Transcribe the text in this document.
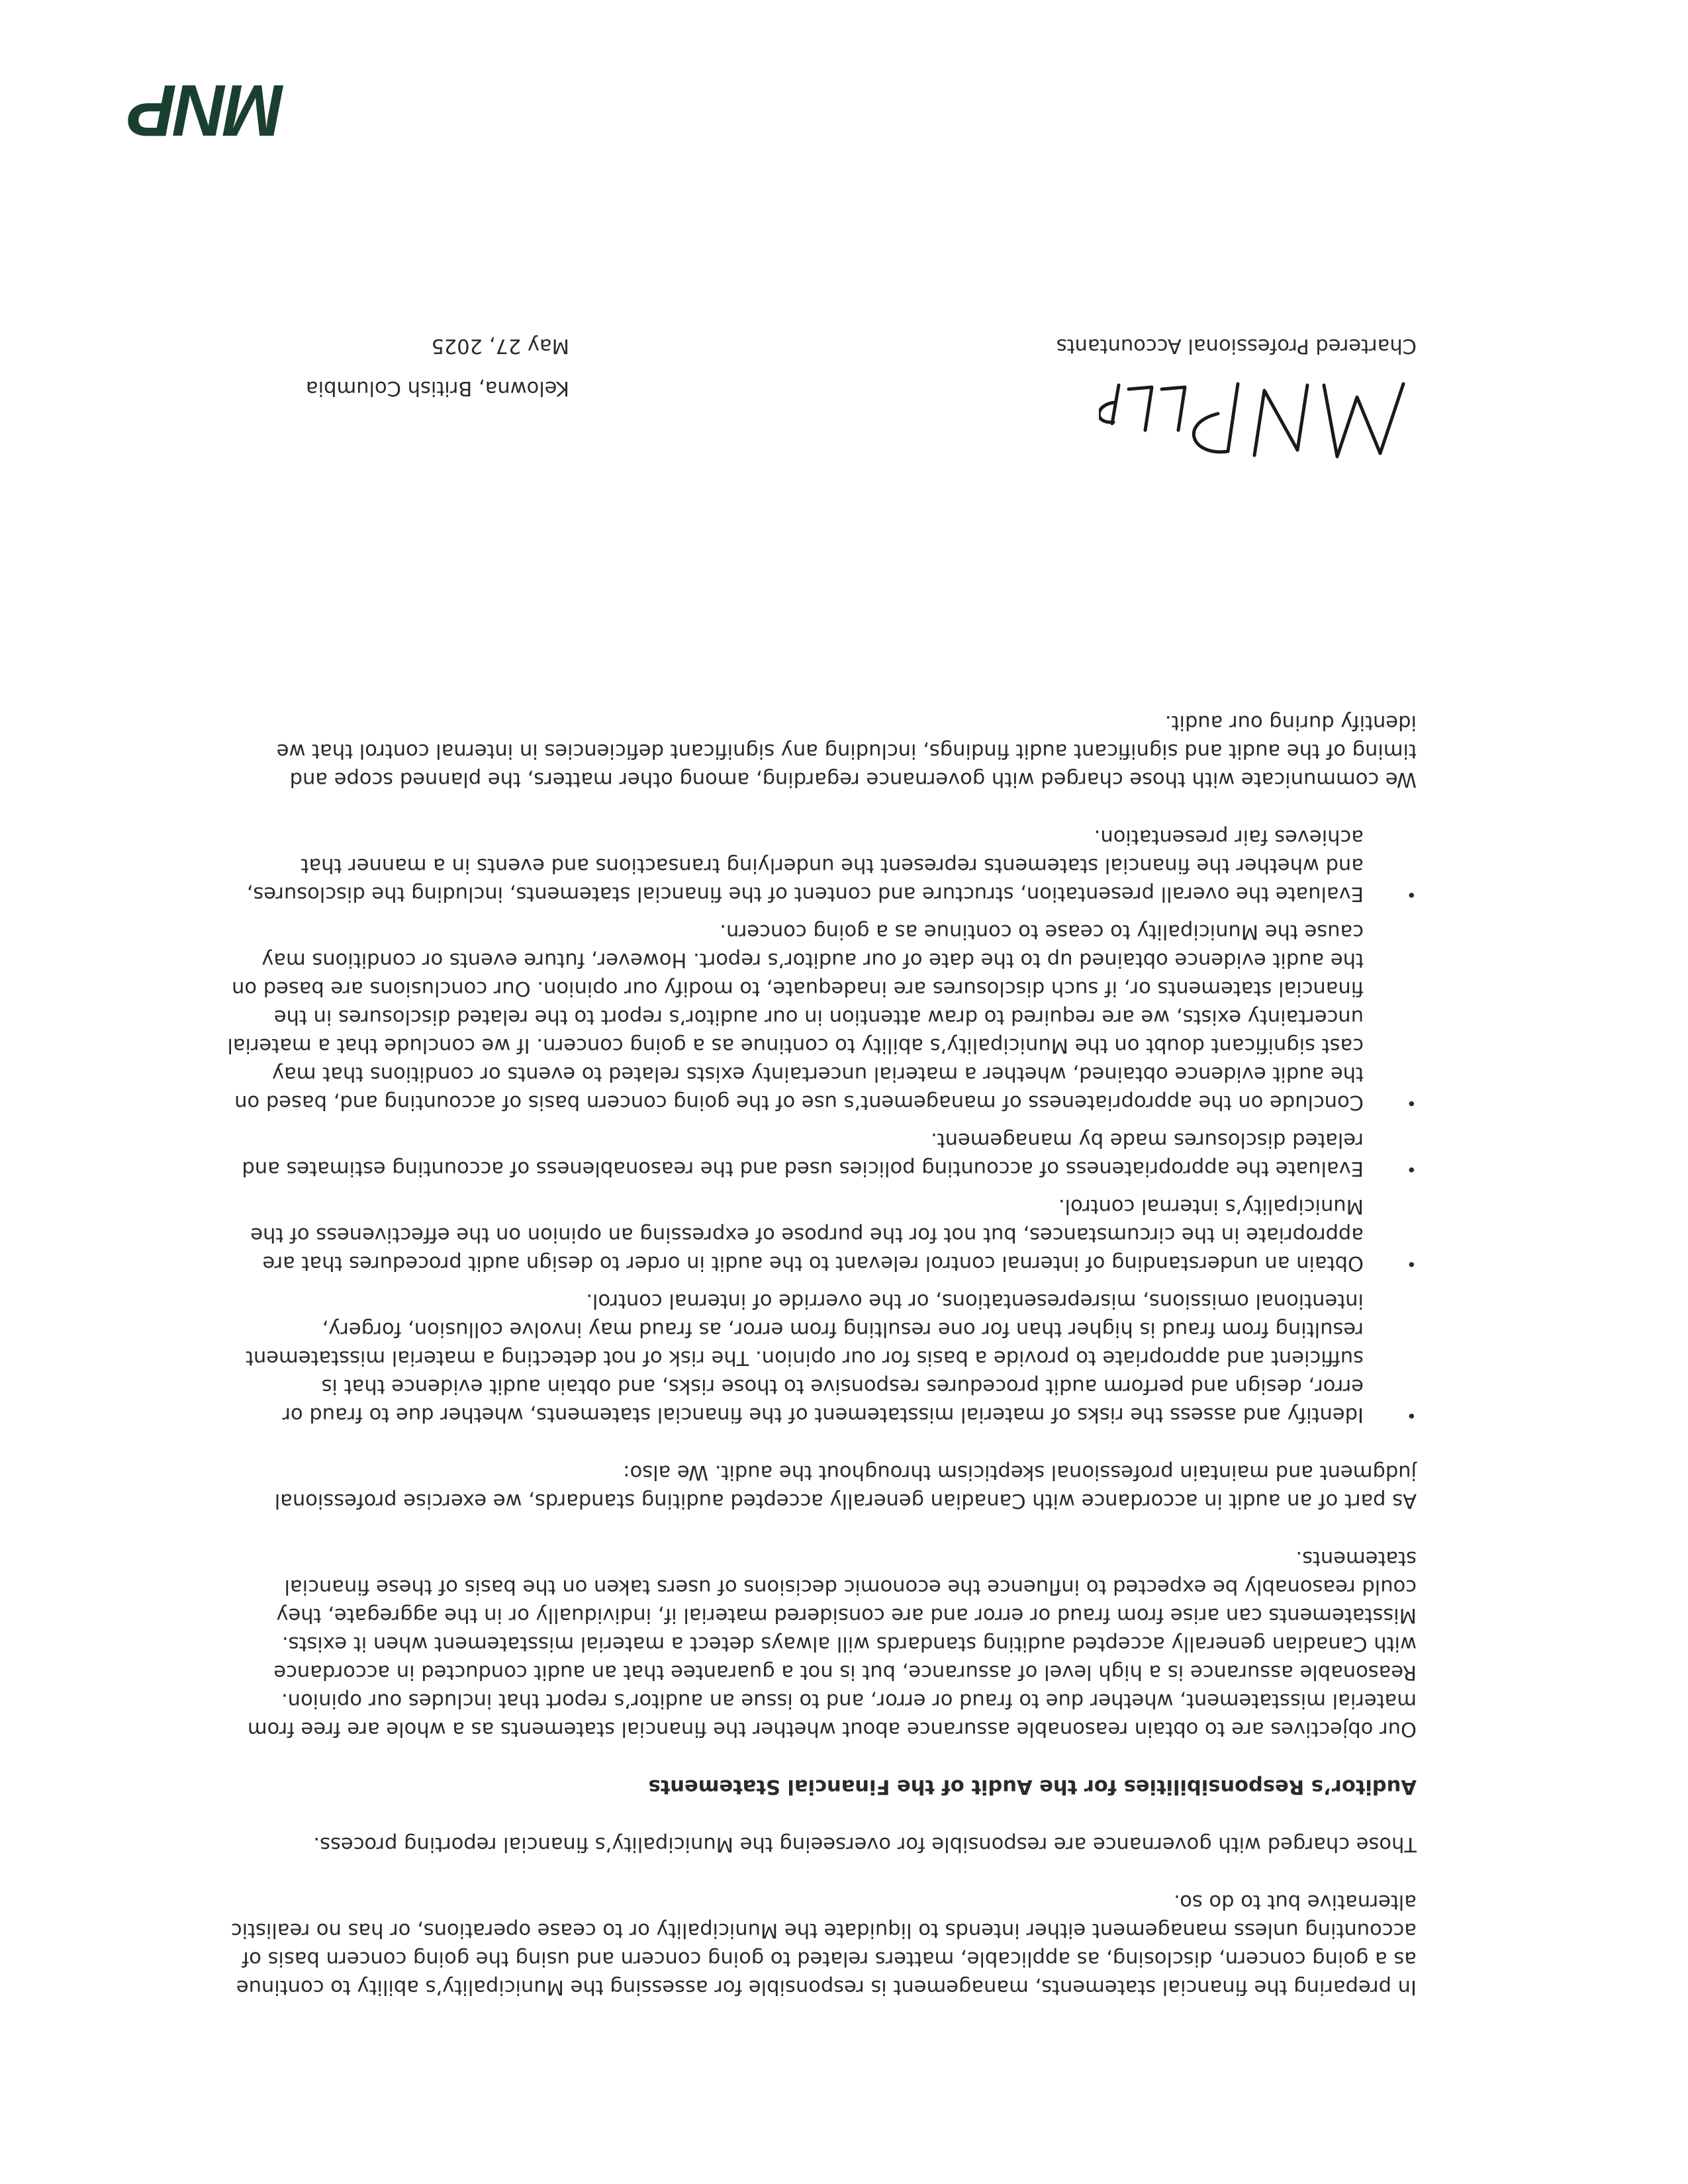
MNP

In preparing the financial statements, management is responsible for assessing the Municipality’s ability to continue as a going concern, disclosing, as applicable, matters related to going concern and using the going concern basis of accounting unless management either intends to liquidate the Municipality or to cease operations, or has no realistic alternative but to do so.

Those charged with governance are responsible for overseeing the Municipality’s financial reporting process.

Auditor’s Responsibilities for the Audit of the Financial Statements

Our objectives are to obtain reasonable assurance about whether the financial statements as a whole are free from material misstatement, whether due to fraud or error, and to issue an auditor’s report that includes our opinion. Reasonable assurance is a high level of assurance, but is not a guarantee that an audit conducted in accordance with Canadian generally accepted auditing standards will always detect a material misstatement when it exists. Misstatements can arise from fraud or error and are considered material if, individually or in the aggregate, they could reasonably be expected to influence the economic decisions of users taken on the basis of these financial statements.

As part of an audit in accordance with Canadian generally accepted auditing standards, we exercise professional judgment and maintain professional skepticism throughout the audit. We also:

• Identify and assess the risks of material misstatement of the financial statements, whether due to fraud or error, design and perform audit procedures responsive to those risks, and obtain audit evidence that is sufficient and appropriate to provide a basis for our opinion. The risk of not detecting a material misstatement resulting from fraud is higher than for one resulting from error, as fraud may involve collusion, forgery, intentional omissions, misrepresentations, or the override of internal control.
• Obtain an understanding of internal control relevant to the audit in order to design audit procedures that are appropriate in the circumstances, but not for the purpose of expressing an opinion on the effectiveness of the Municipality’s internal control.
• Evaluate the appropriateness of accounting policies used and the reasonableness of accounting estimates and related disclosures made by management.
• Conclude on the appropriateness of management’s use of the going concern basis of accounting and, based on the audit evidence obtained, whether a material uncertainty exists related to events or conditions that may cast significant doubt on the Municipality’s ability to continue as a going concern. If we conclude that a material uncertainty exists, we are required to draw attention in our auditor’s report to the related disclosures in the financial statements or, if such disclosures are inadequate, to modify our opinion. Our conclusions are based on the audit evidence obtained up to the date of our auditor’s report. However, future events or conditions may cause the Municipality to cease to continue as a going concern.
• Evaluate the overall presentation, structure and content of the financial statements, including the disclosures, and whether the financial statements represent the underlying transactions and events in a manner that achieves fair presentation.

We communicate with those charged with governance regarding, among other matters, the planned scope and timing of the audit and significant audit findings, including any significant deficiencies in internal control that we identify during our audit.

Kelowna, British Columbia
Chartered Professional Accountants
May 27, 2025
